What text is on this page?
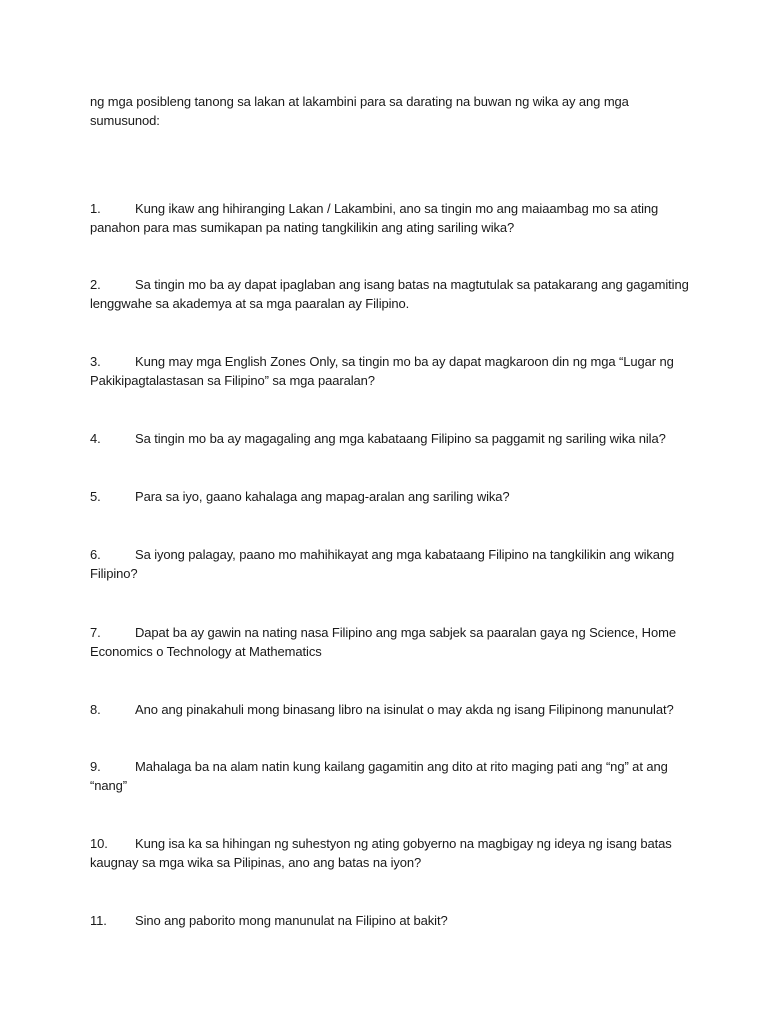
ng mga posibleng tanong sa lakan at lakambini para sa darating na buwan ng wika ay ang mga sumusunod:
1.	Kung ikaw ang hihiranging Lakan / Lakambini, ano sa tingin mo ang maiaambag mo sa ating panahon para mas sumikapan pa nating tangkilikin ang ating sariling wika?
2.	Sa tingin mo ba ay dapat ipaglaban ang isang batas na magtutulak sa patakarang ang gagamiting lenggwahe sa akademya at sa mga paaralan ay Filipino.
3.	Kung may mga English Zones Only, sa tingin mo ba ay dapat magkaroon din ng mga “Lugar ng Pakikipagtalastasan sa Filipino” sa mga paaralan?
4.	Sa tingin mo ba ay magagaling ang mga kabataang Filipino sa paggamit ng sariling wika nila?
5.	Para sa iyo, gaano kahalaga ang mapag-aralan ang sariling wika?
6.	Sa iyong palagay, paano mo mahihikayat ang mga kabataang Filipino na tangkilikin ang wikang Filipino?
7.	Dapat ba ay gawin na nating nasa Filipino ang mga sabjek sa paaralan gaya ng Science, Home Economics o Technology at Mathematics
8.	Ano ang pinakahuli mong binasang libro na isinulat o may akda ng isang Filipinong manunulat?
9.	Mahalaga ba na alam natin kung kailang gagamitin ang dito at rito maging pati ang “ng” at ang “nang”
10. Kung isa ka sa hihingan ng suhestyon ng ating gobyerno na magbigay ng ideya ng isang batas kaugnay sa mga wika sa Pilipinas, ano ang batas na iyon?
11. Sino ang paborito mong manunulat na Filipino at bakit?
